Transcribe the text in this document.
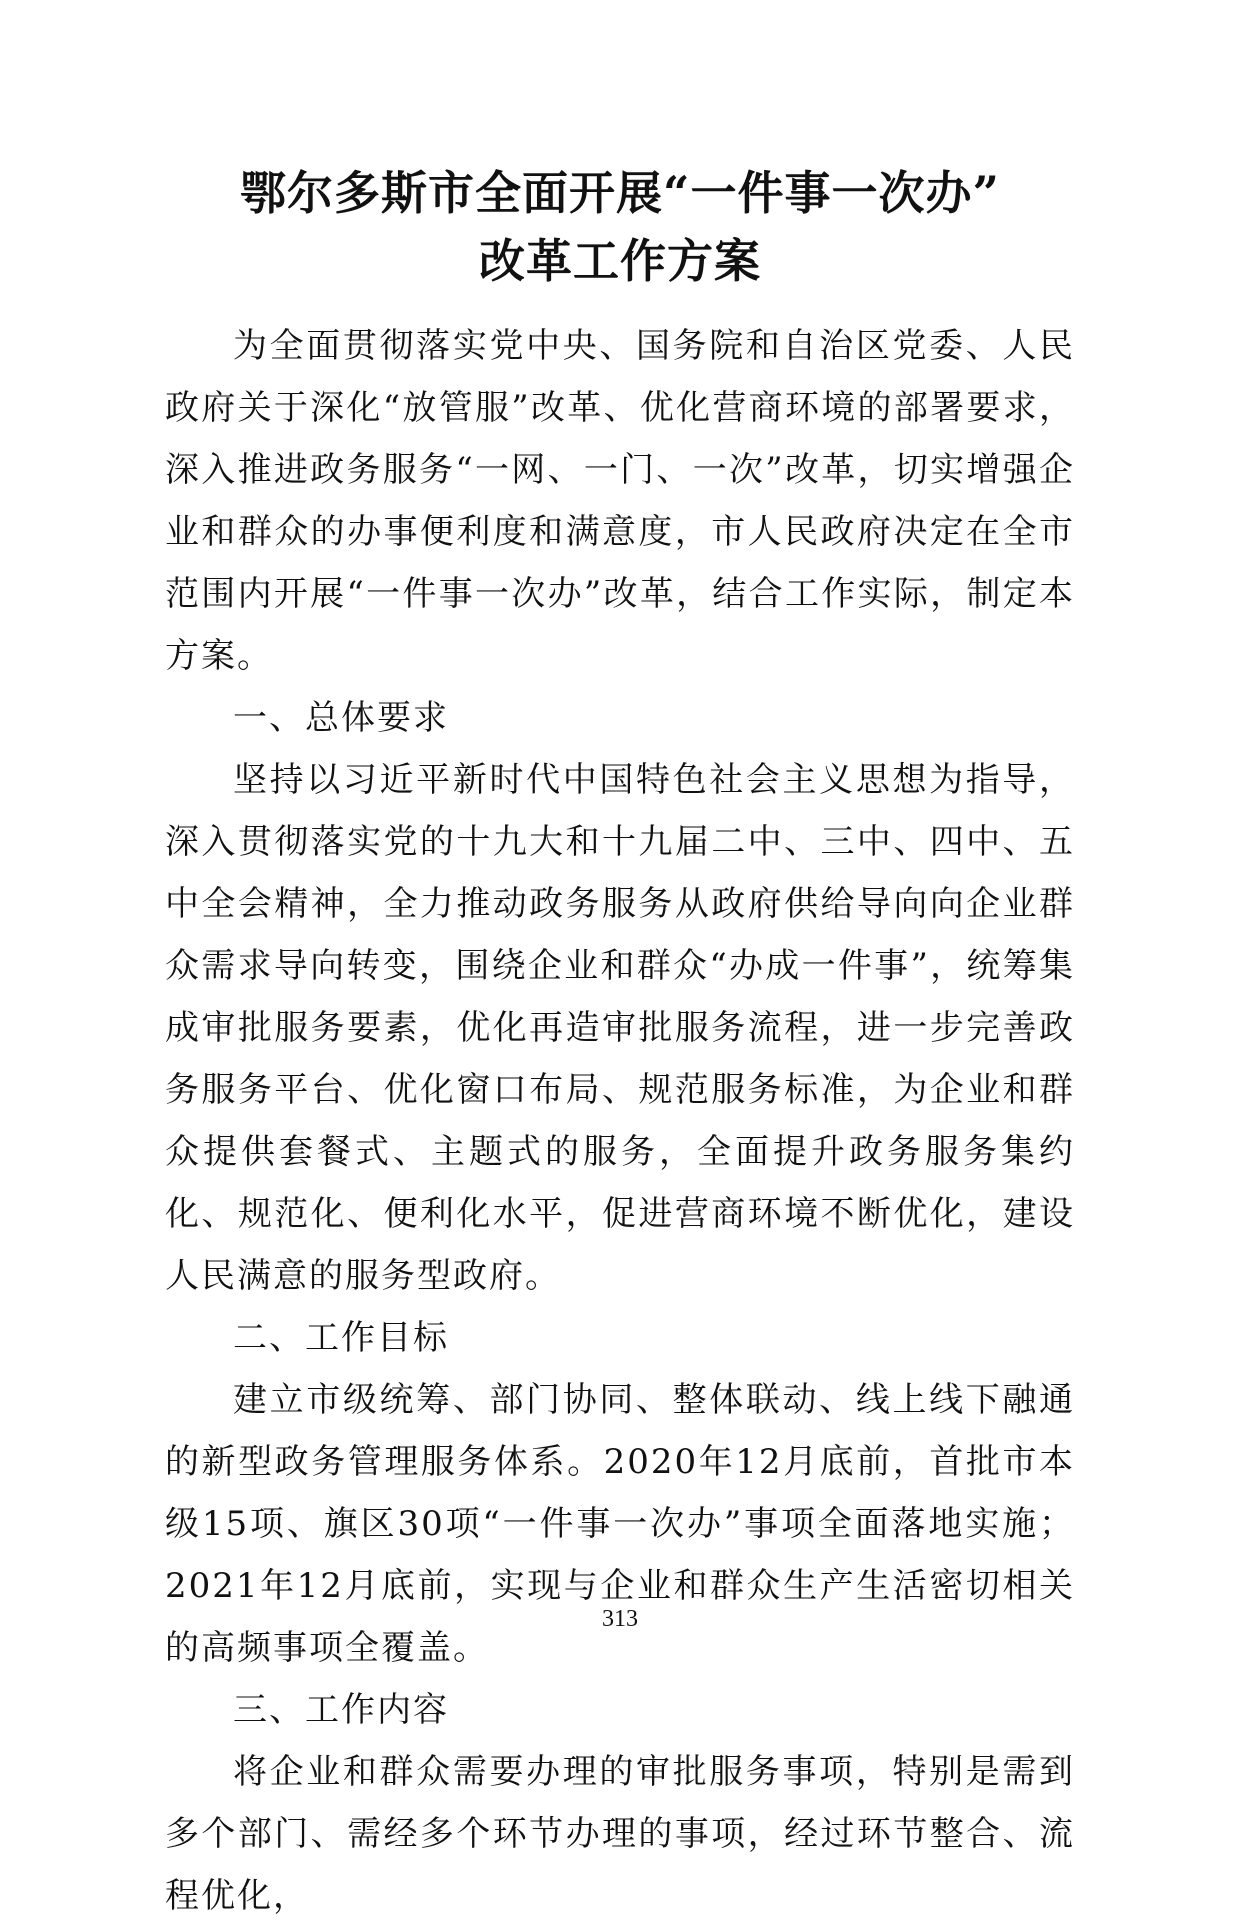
鄂尔多斯市全面开展“一件事一次办”
改革工作方案

为全面贯彻落实党中央、国务院和自治区党委、人民政府关于深化“放管服”改革、优化营商环境的部署要求，深入推进政务服务“一网、一门、一次”改革，切实增强企业和群众的办事便利度和满意度，市人民政府决定在全市范围内开展“一件事一次办”改革，结合工作实际，制定本方案。

一、总体要求

坚持以习近平新时代中国特色社会主义思想为指导，深入贯彻落实党的十九大和十九届二中、三中、四中、五中全会精神，全力推动政务服务从政府供给导向向企业群众需求导向转变，围绕企业和群众“办成一件事”，统筹集成审批服务要素，优化再造审批服务流程，进一步完善政务服务平台、优化窗口布局、规范服务标准，为企业和群众提供套餐式、主题式的服务，全面提升政务服务集约化、规范化、便利化水平，促进营商环境不断优化，建设人民满意的服务型政府。

二、工作目标

建立市级统筹、部门协同、整体联动、线上线下融通的新型政务管理服务体系。2020年12月底前，首批市本级15项、旗区30项“一件事一次办”事项全面落地实施；2021年12月底前，实现与企业和群众生产生活密切相关的高频事项全覆盖。

三、工作内容

将企业和群众需要办理的审批服务事项，特别是需到多个部门、需经多个环节办理的事项，经过环节整合、流程优化，

313
